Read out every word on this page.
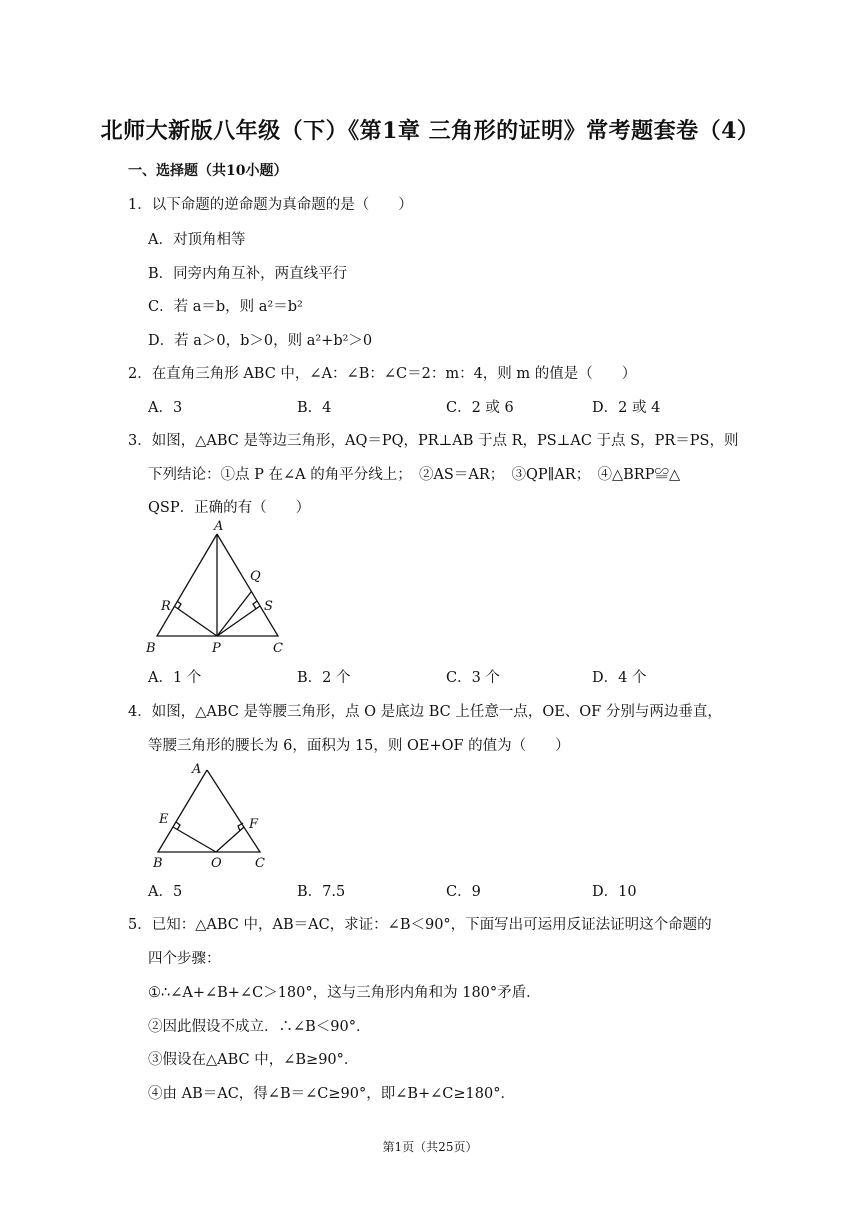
北师大新版八年级（下）《第1章 三角形的证明》常考题套卷（4）
一、选择题（共10小题）
1．以下命题的逆命题为真命题的是（　　）
A．对顶角相等
B．同旁内角互补，两直线平行
C．若 a＝b，则 a²＝b²
D．若 a＞0，b＞0，则 a²+b²＞0
2．在直角三角形 ABC 中，∠A：∠B：∠C＝2：m：4，则 m 的值是（　　）
A．3	B．4	C．2 或 6	D．2 或 4
3．如图，△ABC 是等边三角形，AQ＝PQ，PR⊥AB 于点 R，PS⊥AC 于点 S，PR＝PS，则
下列结论：①点 P 在∠A 的角平分线上；　②AS＝AR；　③QP∥AR；　④△BRP≌△
QSP．正确的有（　　）
A
B	C
P
Q
R	S
A．1 个	B．2 个	C．3 个	D．4 个
4．如图，△ABC 是等腰三角形，点 O 是底边 BC 上任意一点，OE、OF 分别与两边垂直，
等腰三角形的腰长为 6，面积为 15，则 OE+OF 的值为（　　）
A
B	C
O
E	F
A．5	B．7.5	C．9	D．10
5．已知：△ABC 中，AB＝AC，求证：∠B＜90°，下面写出可运用反证法证明这个命题的
四个步骤：
①∴∠A+∠B+∠C＞180°，这与三角形内角和为 180°矛盾．
②因此假设不成立．∴∠B＜90°．
③假设在△ABC 中，∠B≥90°．
④由 AB＝AC，得∠B＝∠C≥90°，即∠B+∠C≥180°．
第1页（共25页）
